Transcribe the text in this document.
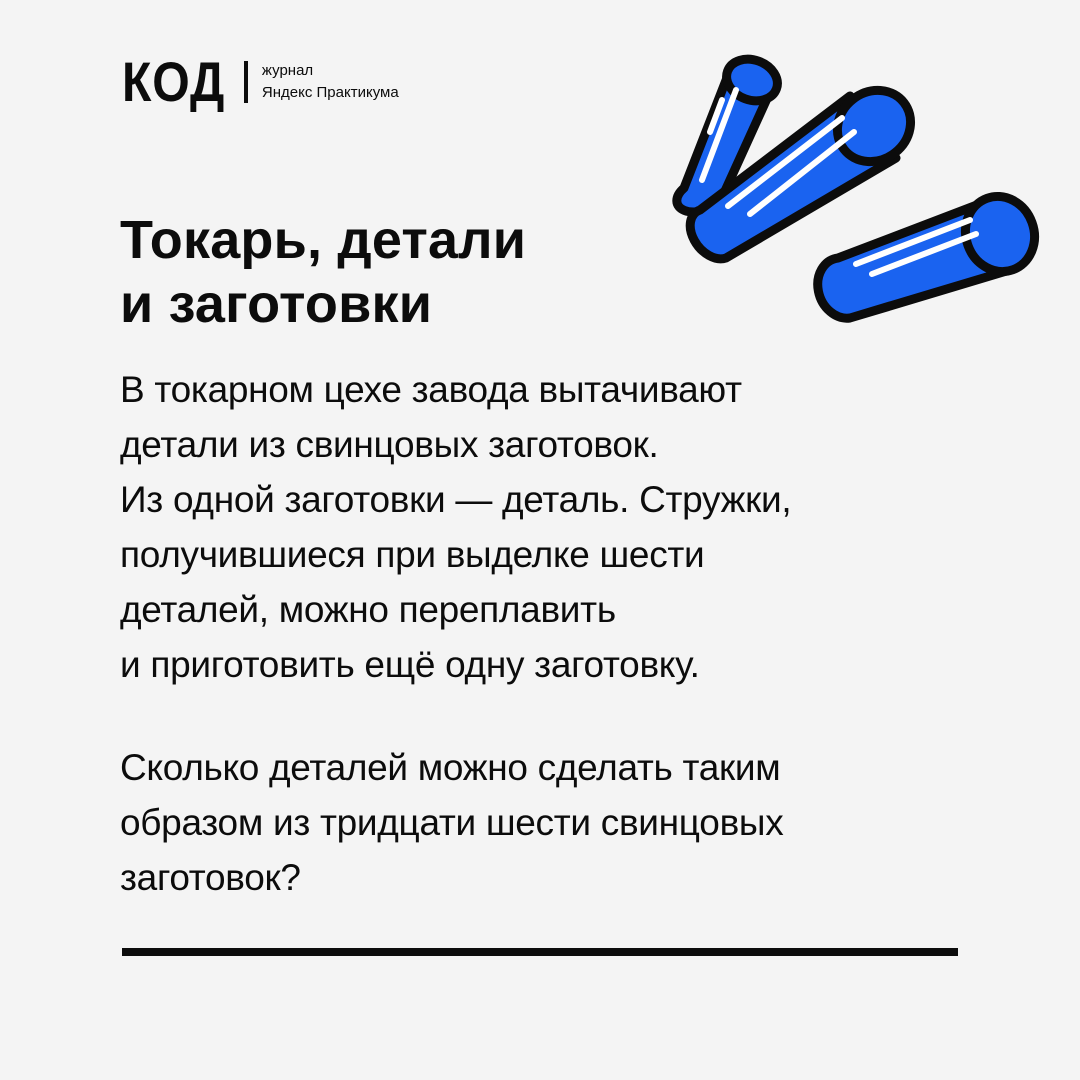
КОД журнал
Яндекс Практикума
Токарь, детали
и заготовки
В токарном цехе завода вытачивают
детали из свинцовых заготовок.
Из одной заготовки — деталь. Стружки,
получившиеся при выделке шести
деталей, можно переплавить
и приготовить ещё одну заготовку.
Сколько деталей можно сделать таким
образом из тридцати шести свинцовых
заготовок?
